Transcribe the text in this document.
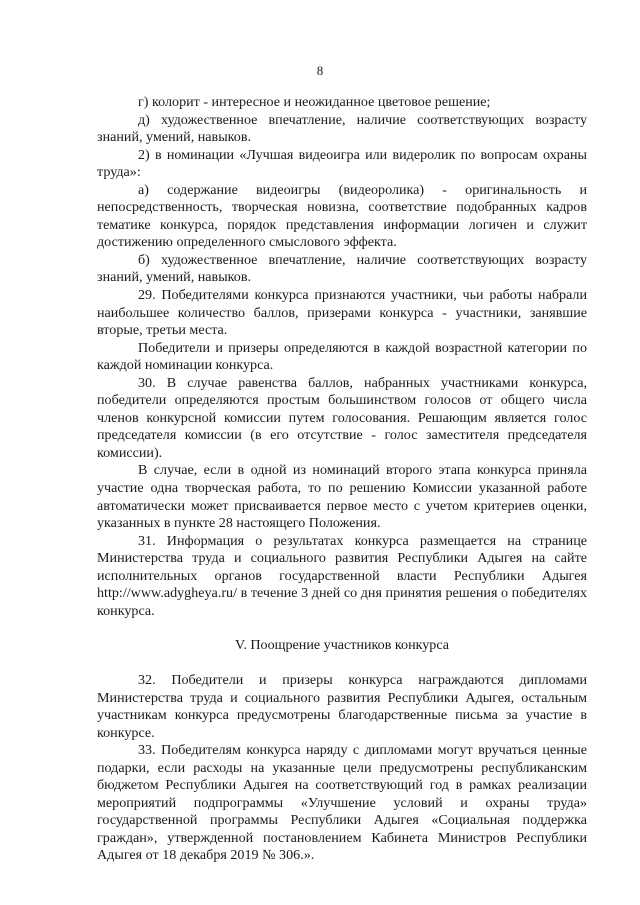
8

г) колорит - интересное и неожиданное цветовое решение;

д) художественное впечатление, наличие соответствующих возрасту знаний, умений, навыков.

2) в номинации «Лучшая видеоигра или видеролик по вопросам охраны труда»:

а) содержание видеоигры (видеоролика) - оригинальность и непосредственность, творческая новизна, соответствие подобранных кадров тематике конкурса, порядок представления информации логичен и служит достижению определенного смыслового эффекта.

б) художественное впечатление, наличие соответствующих возрасту знаний, умений, навыков.

29. Победителями конкурса признаются участники, чьи работы набрали наибольшее количество баллов, призерами конкурса - участники, занявшие вторые, третьи места.

Победители и призеры определяются в каждой возрастной категории по каждой номинации конкурса.

30. В случае равенства баллов, набранных участниками конкурса, победители определяются простым большинством голосов от общего числа членов конкурсной комиссии путем голосования. Решающим является голос председателя комиссии (в его отсутствие - голос заместителя председателя комиссии).

В случае, если в одной из номинаций второго этапа конкурса приняла участие одна творческая работа, то по решению Комиссии указанной работе автоматически может присваивается первое место с учетом критериев оценки, указанных в пункте 28 настоящего Положения.

31. Информация о результатах конкурса размещается на странице Министерства труда и социального развития Республики Адыгея на сайте исполнительных органов государственной власти Республики Адыгея http://www.adygheya.ru/ в течение 3 дней со дня принятия решения о победителях конкурса.

V. Поощрение участников конкурса

32. Победители и призеры конкурса награждаются дипломами Министерства труда и социального развития Республики Адыгея, остальным участникам конкурса предусмотрены благодарственные письма за участие в конкурсе.

33. Победителям конкурса наряду с дипломами могут вручаться ценные подарки, если расходы на указанные цели предусмотрены республиканским бюджетом Республики Адыгея на соответствующий год в рамках реализации мероприятий подпрограммы «Улучшение условий и охраны труда» государственной программы Республики Адыгея «Социальная поддержка граждан», утвержденной постановлением Кабинета Министров Республики Адыгея от 18 декабря 2019 № 306.».
